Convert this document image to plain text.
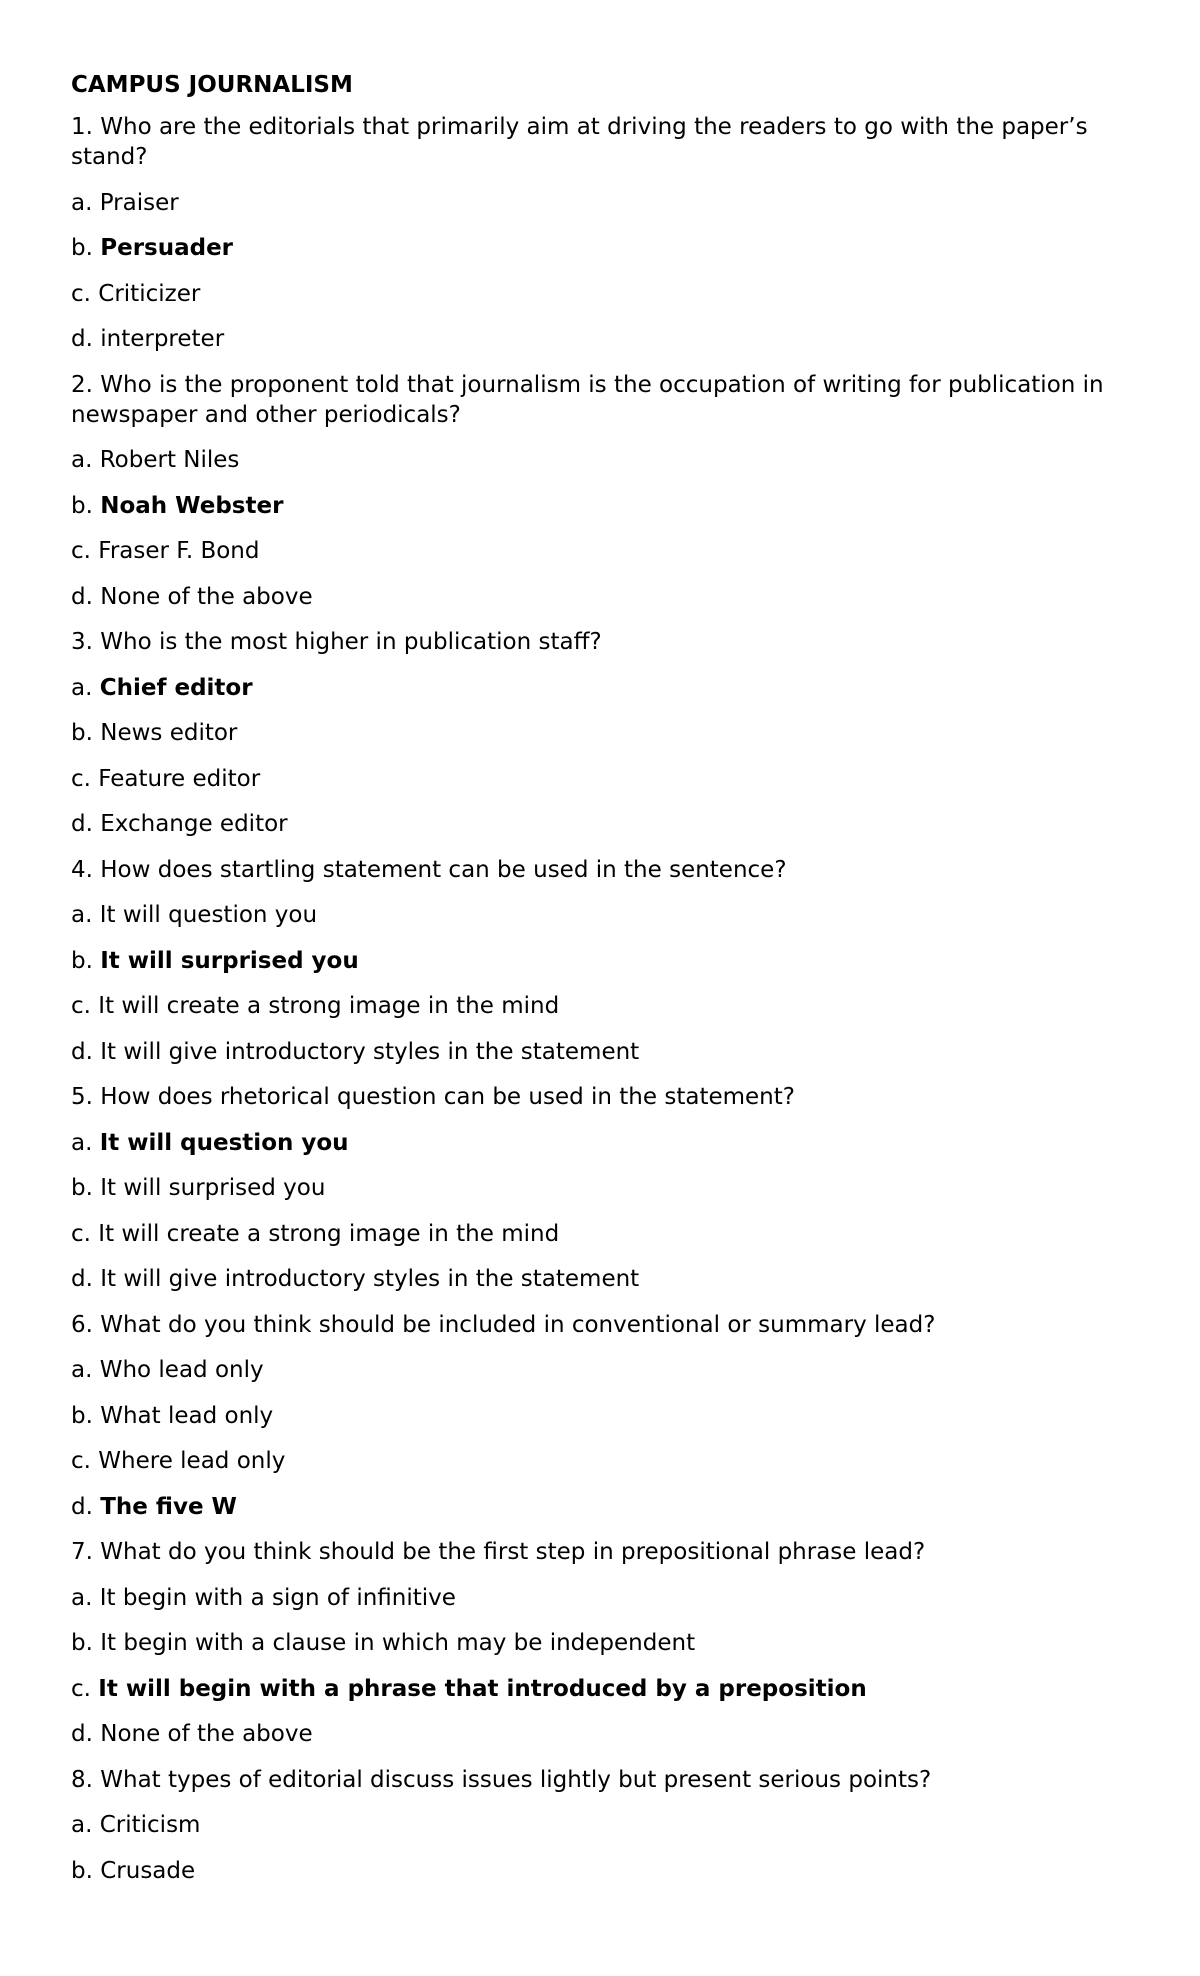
CAMPUS JOURNALISM
1. Who are the editorials that primarily aim at driving the readers to go with the paper’s stand?
a. Praiser
b. Persuader
c. Criticizer
d. interpreter
2. Who is the proponent told that journalism is the occupation of writing for publication in newspaper and other periodicals?
a. Robert Niles
b. Noah Webster
c. Fraser F. Bond
d. None of the above
3. Who is the most higher in publication staff?
a. Chief editor
b. News editor
c. Feature editor
d. Exchange editor
4. How does startling statement can be used in the sentence?
a. It will question you
b. It will surprised you
c. It will create a strong image in the mind
d. It will give introductory styles in the statement
5. How does rhetorical question can be used in the statement?
a. It will question you
b. It will surprised you
c. It will create a strong image in the mind
d. It will give introductory styles in the statement
6. What do you think should be included in conventional or summary lead?
a. Who lead only
b. What lead only
c. Where lead only
d. The five W
7. What do you think should be the first step in prepositional phrase lead?
a. It begin with a sign of infinitive
b. It begin with a clause in which may be independent
c. It will begin with a phrase that introduced by a preposition
d. None of the above
8. What types of editorial discuss issues lightly but present serious points?
a. Criticism
b. Crusade
